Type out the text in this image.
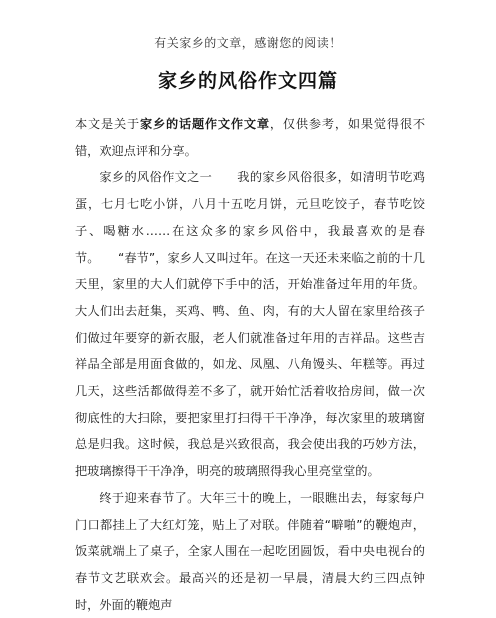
有关家乡的文章，感谢您的阅读！
家乡的风俗作文四篇

本文是关于家乡的话题作文作文章，仅供参考，如果觉得很不错，欢迎点评和分享。

家乡的风俗作文之一　　我的家乡风俗很多，如清明节吃鸡蛋，七月七吃小饼，八月十五吃月饼，元旦吃饺子，春节吃饺子、喝糖水……在这众多的家乡风俗中，我最喜欢的是春节。　　“春节”，家乡人又叫过年。在这一天还未来临之前的十几天里，家里的大人们就停下手中的活，开始准备过年用的年货。大人们出去赶集，买鸡、鸭、鱼、肉，有的大人留在家里给孩子们做过年要穿的新衣服，老人们就准备过年用的吉祥品。这些吉祥品全部是用面食做的，如龙、凤凰、八角馒头、年糕等。再过几天，这些活都做得差不多了，就开始忙活着收拾房间，做一次彻底性的大扫除，要把家里打扫得干干净净，每次家里的玻璃窗总是归我。这时候，我总是兴致很高，我会使出我的巧妙方法，把玻璃擦得干干净净，明亮的玻璃照得我心里亮堂堂的。

终于迎来春节了。大年三十的晚上，一眼瞧出去，每家每户门口都挂上了大红灯笼，贴上了对联。伴随着“噼啪”的鞭炮声，饭菜就端上了桌子，全家人围在一起吃团圆饭，看中央电视台的春节文艺联欢会。最高兴的还是初一早晨，清晨大约三四点钟时，外面的鞭炮声
